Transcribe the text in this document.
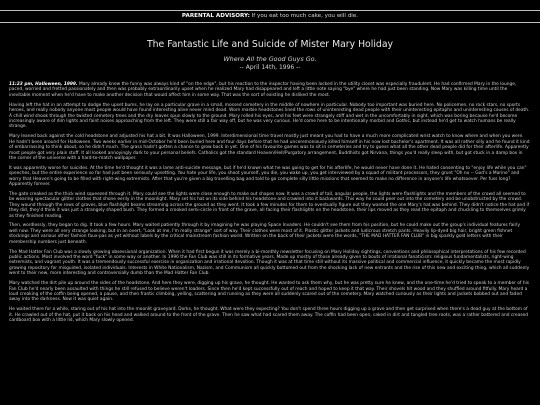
PARENTAL ADVISORY: If you eat too much cake, you will die.
The Fantastic Life and Suicide of Mister Mary Holiday
Where All the Good Guys Go.
-- April 14th, 1996 --

11:23 pm, Halloween, 1999. Mary already knew the funny was always kind of "on the edge", but his reaction to the inspector having been locked in the utility closet was especially fraudulent. He had confirmed Mary in the lounge, paced, worried and fretted passionately and then was probably extraordinarily upset when he realized Mary had disappeared and left a little note saying "bye" where he had just been standing. Now Mary was killing time until the inevitable moment when he'd have to make another decision that would affect him in some way. That was the sort of existing he disliked the most.

Having left the hat in an attempt to dodge the upset bums, he lay on a particular grave in a small, mossed cemetery in the middle of nowhere in particular. Nobody too important was buried here. No policemen, no rock stars, no sports heroes, and really nobody anyone most people would have found interesting alive never mind dead. Worn marble headstones lined the rows of uninteresting dead people with their uninteresting epitaphs and uninteresting causes of death. A chill wind shook through the twisted cemetery trees and the dry leaves spun slowly to the ground. Mary rolled his eyes, and his feet were strangely stiff and wet in the uncomfortably in sight, which was boring because he'd become increasingly aware of dim lights and faint noises approaching from the left. They were still a fair way off, but he was very curious. He'd come here to be intentionally morbid and Gothic, but instead he'd get to watch humans be really strange.

Mary leaned back against the cold headstone and adjusted his hat a bit. It was Halloween, 1999. Interdimensional time travel mostly just meant you had to have a much more complicated wrist watch to know where and when you were. He hadn't been around for Halloween. Two weeks earlier in mid-October he'd been buried here and four days before that he had unceremoniously killed himself in his now lost bachelor's apartment. It was all rather silly and he found it kind of embarrassing to think about, so he didn't much. The grass hadn't gotten a chance to grow back in yet. One of his favourite games was to sit in cemeteries and try to guess what all the other dead people did for their afterlife. Apparently most people got very plain stuff. It all looked annoyingly dark to your personal beliefs. Catholics got the standard Heaven/Hell/Purgatory arrangement, Buddhists got Nirvana, things you'd really sleep with, but got stuck in a damp box in the corner of the universe with a hard-to-match wallpaper.

It was apparently worse for suicides. At the time he'd thought it was a lame anti-suicide message, but if he'd known what he was going to get for his afterlife, he would never have done it. He hated consenting to "enjoy life while you can" speeches, but the entire experience so far had just been seriously upsetting. You hate your life, you shoot yourself, you die, you wake up, you get interviewed by a squad of militant processors, they grunt "Oh no -- God's a Marine" and worry that Heaven's going to be filled with right-wing extremists. After that you're given a big travelling bag and told to go complete silly little missions that seemed to make no difference in anyone's life whatsoever. Per fuss long? Apparently forever.

The gate creaked as the thick wind squeezed through it. Mary could see the lights were close enough to make out shapes now. It was a crowd of tall, angular people, the lights were flashlights and the members of the crowd all seemed to be wearing spectacular glitter clothes that shone eerily in the moonlight. Mary set his hat on its side behind his headstone and crawled into it backwards. This way he could peer out into the cemetery and be unobstructed by the crowd. They wound through the rows of graves, blue flashlight beams streaming across the ground as they went. It took a few minutes for them to eventually figure out they wanted the one Mary's hat was behind. They didn't notice the hat and if they did, they'd think it was just a strangely shaped bush. They formed a crooked semi-circle in front of the grave, all facing their flashlights on the headstone, their lips moved as they read the epitaph and chuckling to themselves grimly as they finished reading.

Then, wordlessly, they began to dig. It took a few hours. Mary waited patiently through it by imagining he was playing Space Invaders. He couldn't see them from his position, but he could make out the group's individual features fairly well now. They were all very strange looking, but in an overt, "Look at me, I'm really strange" sort of way. Their clothes were most of it. Plastic glitter jackets and ludicrous stretch pants. Heavily lip-dyed big hair, bright green fishnet stockings and various other fashion faux-pas as yet without labels by the critical mainstream fashion world. Written on the back of their jackets were the words, "THE MAD HATTER FAN CLUB" in big sparkly gold letters with their membership numbers just beneath.

The Mad Hatter Fan Club was a slowly growing obsessional organization. When it had first begun it was merely a bi-monthly newsletter focusing on Mary Holiday sightings, conventions and philosophical interpretations of his few recorded public actions. Most involved the word "fuck" in some way or another. In 1996 the Fan Club was still in its formative years. Made up mostly of those already given to bouts of irrational fanaticism: religious fundamentalists, right-wing extremists, and vagrant youth. It was a tremendously successful exercise in organization and irrational devotion. Though it was at that time still without its massive political and commercial influence, it quickly became the most rapidly growing repository for misguided, isolated individuals. Interests in White Nationalism, Nazism, and Communism all quickly bottomed out from the shocking lack of new entrants and the rise of this new and exciting thing, which all suddenly went to their new, more interesting and controversially dumb than the Mad Hatter Fan Club.

Mary watched the dirt pile up around the sides of the headstone. And here they were, digging up his grave, he thought. He wanted to ask them why, but he was pretty sure he knew, and the one-time he'd tried to speak to a member of his Fan Club he'd nearly been assaulted with things he still refused to believe weren't loaders. Since then he'd kept successfully out of reach and hoped to keep it that way. Their shovels hit wood and they shuffled around fitfully. Mary heard a loud creaking of the coffin being opened, a pause, and then frantic climbing, yelling, scattering and running as they were all suddenly scared out of the cemetery. Mary watched curiously as their lights and jackets bobbed out and faded away into the darkness. Now it was quiet again.

He waited there for a while, staring out of his hat into the moonlit graveyard. Dorks, he thought. What were they expecting? You don't spend three hours digging up a grave and then get surprised when there's a dead guy at the bottom of it. He crawled out of the hat, put it back on his head and walked around to the front of the grave. Then he saw what had scared them away. The coffin had been open, caked in dirt and tangled tree roots, was a rather battered and creased cardboard box with a little lid, which Mary slowly opened.
